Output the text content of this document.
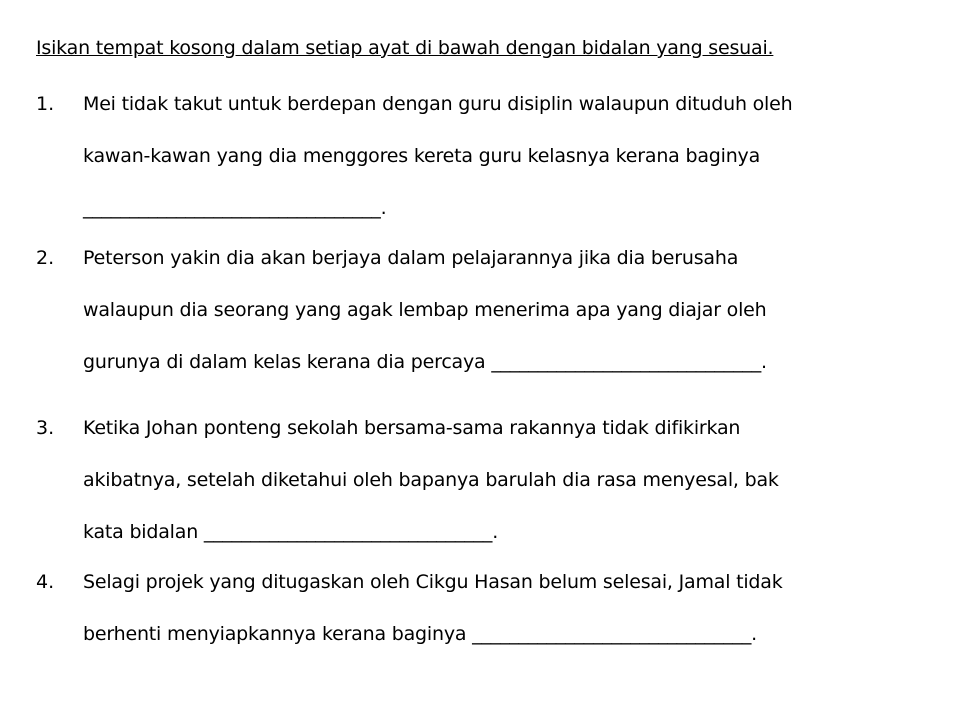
Isikan tempat kosong dalam setiap ayat di bawah dengan bidalan yang sesuai.
1. Mei tidak takut untuk berdepan dengan guru disiplin walaupun dituduh oleh
kawan-kawan yang dia menggores kereta guru kelasnya kerana baginya
________________________________.
2. Peterson yakin dia akan berjaya dalam pelajarannya jika dia berusaha
walaupun dia seorang yang agak lembap menerima apa yang diajar oleh
gurunya di dalam kelas kerana dia percaya _____________________________.
3. Ketika Johan ponteng sekolah bersama-sama rakannya tidak difikirkan
akibatnya, setelah diketahui oleh bapanya barulah dia rasa menyesal, bak
kata bidalan _______________________________.
4. Selagi projek yang ditugaskan oleh Cikgu Hasan belum selesai, Jamal tidak
berhenti menyiapkannya kerana baginya ______________________________.
